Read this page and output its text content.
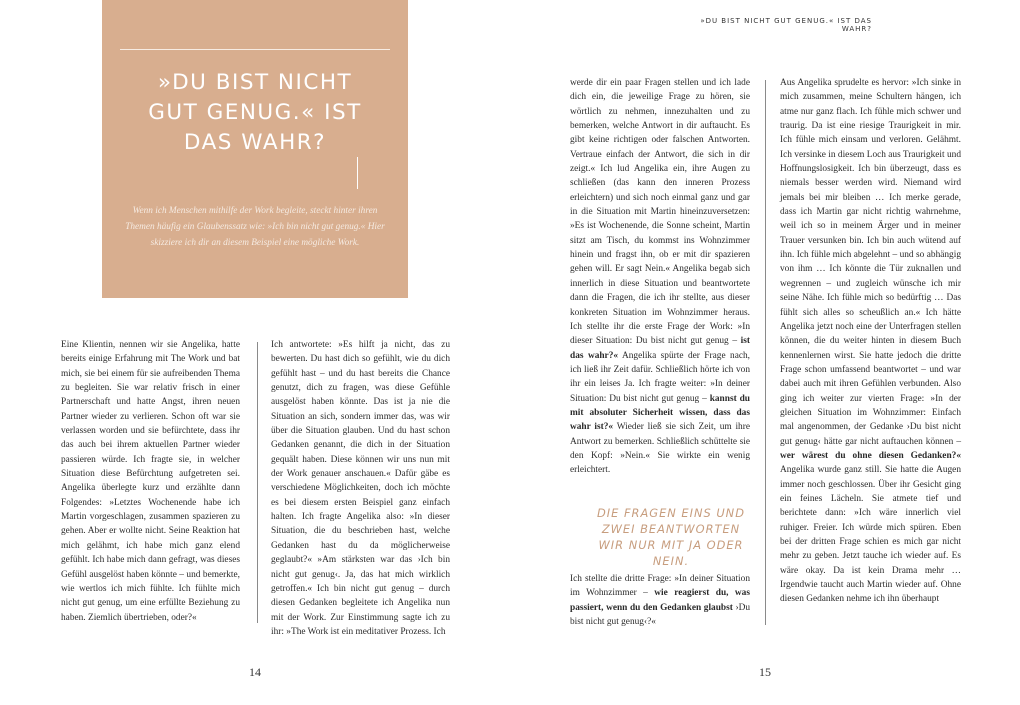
»DU BIST NICHT
GUT GENUG.« IST
DAS WAHR?
Wenn ich Menschen mithilfe der Work begleite, steckt hinter ihren Themen häufig ein Glaubenssatz wie: »Ich bin nicht gut genug.« Hier skizziere ich dir an diesem Beispiel eine mögliche Work.

Eine Klientin, nennen wir sie Angelika, hatte bereits einige Erfahrung mit The Work und bat mich, sie bei einem für sie aufreibenden Thema zu begleiten. Sie war relativ frisch in einer Partnerschaft und hatte Angst, ihren neuen Partner wieder zu verlieren. Schon oft war sie verlassen worden und sie befürchtete, dass ihr das auch bei ihrem aktuellen Partner wieder passieren würde. Ich fragte sie, in welcher Situation diese Befürchtung aufgetreten sei. Angelika überlegte kurz und erzählte dann Folgendes: »Letztes Wochenende habe ich Martin vorgeschlagen, zusammen spazieren zu gehen. Aber er wollte nicht. Seine Reaktion hat mich gelähmt, ich habe mich ganz elend gefühlt. Ich habe mich dann gefragt, was dieses Gefühl ausgelöst haben könnte – und bemerkte, wie wertlos ich mich fühlte. Ich fühlte mich nicht gut genug, um eine erfüllte Beziehung zu haben. Ziemlich übertrieben, oder?«

Ich antwortete: »Es hilft ja nicht, das zu bewerten. Du hast dich so gefühlt, wie du dich gefühlt hast – und du hast bereits die Chance genutzt, dich zu fragen, was diese Gefühle ausgelöst haben könnte. Das ist ja nie die Situation an sich, sondern immer das, was wir über die Situation glauben. Und du hast schon Gedanken genannt, die dich in der Situation gequält haben. Diese können wir uns nun mit der Work genauer anschauen.« Dafür gäbe es verschiedene Möglichkeiten, doch ich möchte es bei diesem ersten Beispiel ganz einfach halten. Ich fragte Angelika also: »In dieser Situation, die du beschrieben hast, welche Gedanken hast du da möglicherweise geglaubt?« »Am stärksten war das ›Ich bin nicht gut genug‹. Ja, das hat mich wirklich getroffen.« Ich bin nicht gut genug – durch diesen Gedanken begleitete ich Angelika nun mit der Work. Zur Einstimmung sagte ich zu ihr: »The Work ist ein meditativer Prozess. Ich

14
»DU BIST NICHT GUT GENUG.« IST DAS WAHR?
15

werde dir ein paar Fragen stellen und ich lade dich ein, die jeweilige Frage zu hören, sie wörtlich zu nehmen, innezuhalten und zu bemerken, welche Antwort in dir auftaucht. Es gibt keine richtigen oder falschen Antworten. Vertraue einfach der Antwort, die sich in dir zeigt.« Ich lud Angelika ein, ihre Augen zu schließen (das kann den inneren Prozess erleichtern) und sich noch einmal ganz und gar in die Situation mit Martin hineinzuversetzen: »Es ist Wochenende, die Sonne scheint, Martin sitzt am Tisch, du kommst ins Wohnzimmer hinein und fragst ihn, ob er mit dir spazieren gehen will. Er sagt Nein.« Angelika begab sich innerlich in diese Situation und beantwortete dann die Fragen, die ich ihr stellte, aus dieser konkreten Situation im Wohnzimmer heraus. Ich stellte ihr die erste Frage der Work: »In dieser Situation: Du bist nicht gut genug – ist das wahr?« Angelika spürte der Frage nach, ich ließ ihr Zeit dafür. Schließlich hörte ich von ihr ein leises Ja. Ich fragte weiter: »In deiner Situation: Du bist nicht gut genug – kannst du mit absoluter Sicherheit wissen, dass das wahr ist?« Wieder ließ sie sich Zeit, um ihre Antwort zu bemerken. Schließlich schüttelte sie den Kopf: »Nein.« Sie wirkte ein wenig erleichtert.

DIE FRAGEN EINS UND ZWEI BEANTWORTEN WIR NUR MIT JA ODER NEIN.

Ich stellte die dritte Frage: »In deiner Situation im Wohnzimmer – wie reagierst du, was passiert, wenn du den Gedanken glaubst ›Du bist nicht gut genug‹?«

Aus Angelika sprudelte es hervor: »Ich sinke in mich zusammen, meine Schultern hängen, ich atme nur ganz flach. Ich fühle mich schwer und traurig. Da ist eine riesige Traurigkeit in mir. Ich fühle mich einsam und verloren. Gelähmt. Ich versinke in diesem Loch aus Traurigkeit und Hoffnungslosigkeit. Ich bin überzeugt, dass es niemals besser werden wird. Niemand wird jemals bei mir bleiben … Ich merke gerade, dass ich Martin gar nicht richtig wahrnehme, weil ich so in meinem Ärger und in meiner Trauer versunken bin. Ich bin auch wütend auf ihn. Ich fühle mich abgelehnt – und so abhängig von ihm … Ich könnte die Tür zuknallen und wegrennen – und zugleich wünsche ich mir seine Nähe. Ich fühle mich so bedürftig … Das fühlt sich alles so scheußlich an.« Ich hätte Angelika jetzt noch eine der Unterfragen stellen können, die du weiter hinten in diesem Buch kennenlernen wirst. Sie hatte jedoch die dritte Frage schon umfassend beantwortet – und war dabei auch mit ihren Gefühlen verbunden. Also ging ich weiter zur vierten Frage: »In der gleichen Situation im Wohnzimmer: Einfach mal angenommen, der Gedanke ›Du bist nicht gut genug‹ hätte gar nicht auftauchen können – wer wärest du ohne diesen Gedanken?« Angelika wurde ganz still. Sie hatte die Augen immer noch geschlossen. Über ihr Gesicht ging ein feines Lächeln. Sie atmete tief und berichtete dann: »Ich wäre innerlich viel ruhiger. Freier. Ich würde mich spüren. Eben bei der dritten Frage schien es mich gar nicht mehr zu geben. Jetzt tauche ich wieder auf. Es wäre okay. Da ist kein Drama mehr … Irgendwie taucht auch Martin wieder auf. Ohne diesen Gedanken nehme ich ihn überhaupt
